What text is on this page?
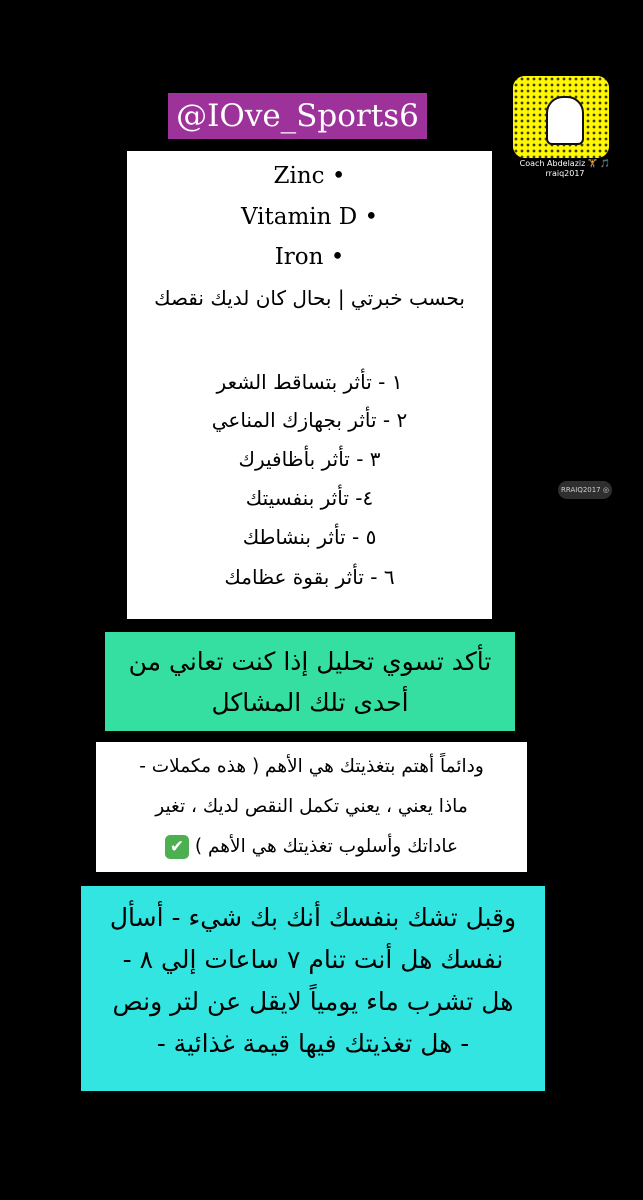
@IOve_Sports6
Coach Abdelaziz 🏋️ 🎵
rraiq2017
Zinc •
Vitamin D •
Iron •
بحسب خبرتي | بحال كان لديك نقصك
١ - تأثر بتساقط الشعر
٢ - تأثر بجهازك المناعي
٣ - تأثر بأظافيرك
٤- تأثر بنفسيتك
٥ - تأثر بنشاطك
٦ - تأثر بقوة عظامك
تأكد تسوي تحليل إذا كنت تعاني من
أحدى تلك المشاكل
ودائماً أهتم بتغذيتك هي الأهم ( هذه مكملات -
ماذا يعني ، يعني تكمل النقص لديك ، تغير
عاداتك وأسلوب تغذيتك هي الأهم ) ✔
وقبل تشك بنفسك أنك بك شيء - أسأل
نفسك هل أنت تنام ٧ ساعات إلي ٨ -
هل تشرب ماء يومياً لايقل عن لتر ونص
- هل تغذيتك فيها قيمة غذائية -
RRAIQ2017 ◎
